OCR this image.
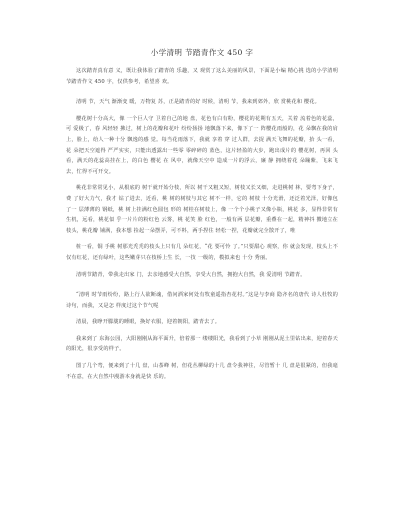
小学清明 节踏青作文 450 字

这次踏青真有意 义，既让我体验了踏青的 乐趣，又 观赏了这么美丽的风景，下面是小编 精心挑 选的小学清明 节踏青作文 450 字，仅供参考，希望喜 欢。

清明 节，天气 渐渐变 暖，万物复 苏，正是踏青的好 时候，清明 节，我来到郊外，欣 赏桃花和 樱花。

樱花树十分高大，像 一个巨人守 卫着自己的地 盘，花色有白有粉，樱花的花期有五天，关着 流着色的花蕊，可 爱极了，春 风轻轻 拂过，树上的花瓣和花叶 纷纷扬扬 地飘落下来，像下了一 阵樱花雨般的，花 朵飘在我的肩上，脸上，给人一种十分 飘逸的感 觉。每当花雨落下，我就 享着 穿 过人群，去捉 满天飞舞的花瓣，抬 头一看，花 朵把天空遮得 严严实实，只能出透露出一些零 零碎碎的 蓝色，这片轻盈的大步，跑出成片的 樱花树，再回 头看，满天的花蕊高挂在上，的白色 樱花 在 风中，就像天空中 造成一片的浮云，廉 静 拥绕着花 朵蹦紫，飞来飞去，忙得不可开交。

桃花非常常见小，从根底的 树干就开始分枝，所以 树干又粗又短，树枝又长又细，走进桃树 林，要弯下身子，费 了好大力气，我才 钻了进去，近看，桃 树的树枝与其它 树不一样，它的 树枝 十分光滑，还泛着光泽，好像包了一 层薄薄的 钢纸，桃 树上挂满红色圆包 形的 树桂在树枝上，像 一个个小桃子又像小瓶，桃花 多，显得非常有生机，远看，桃花似 乎一片片的粉红色 云雾，桃 花笑 脸 红色，一般有两 层花瓣，重叠在一起，精神抖 擞地立在枝头，桃花瓣 铺满，我本想 捡起一朵摆弄，可不料，两手捏住 轻松一捏，花瓣就完全散开了，唯

桩一看，铜 手桃 树那光秃秃的枝头上只有几 朵红花，“花 要可怜 了。”只要甜心 观察，你 就会发现，枝头上不仅有红花，还有绿叶，这些嫩芽只在枝桥上生 长，一技 一级的，模拟来也 十分 秀丽。

清明节踏青，带我走出家 门，去亲地感受大自然，享受大自然，拥抱大自然，我 爱清明 节踏青。

“清明 时节雨纷纷，路上行人欲断魂，借问酒家何处有牧童遥指杏花村。”这是与李商 隐齐名的唐代 诗人杜牧的 诗句，而我，又是怎 样度过这个节气呢

清晨，我睁开朦胧的睡眼，换好衣服，迎着朝阳，踏青去了。

我来到了 东海公园，大阳刚刚从海平面升，倍着那一 缕缕阳光，我看到了小草 刚刚从泥土里钻出来，迎着春天的阳光，很享受的样子。

图了几个弯，便来到了十几 盘，山茶峰 树，但花丛柳绿的十几 盘令我神往，尽管暂十 几 盘是很紧的，但我毫不在意，在大自然中漫游本身就是快 乐的。
